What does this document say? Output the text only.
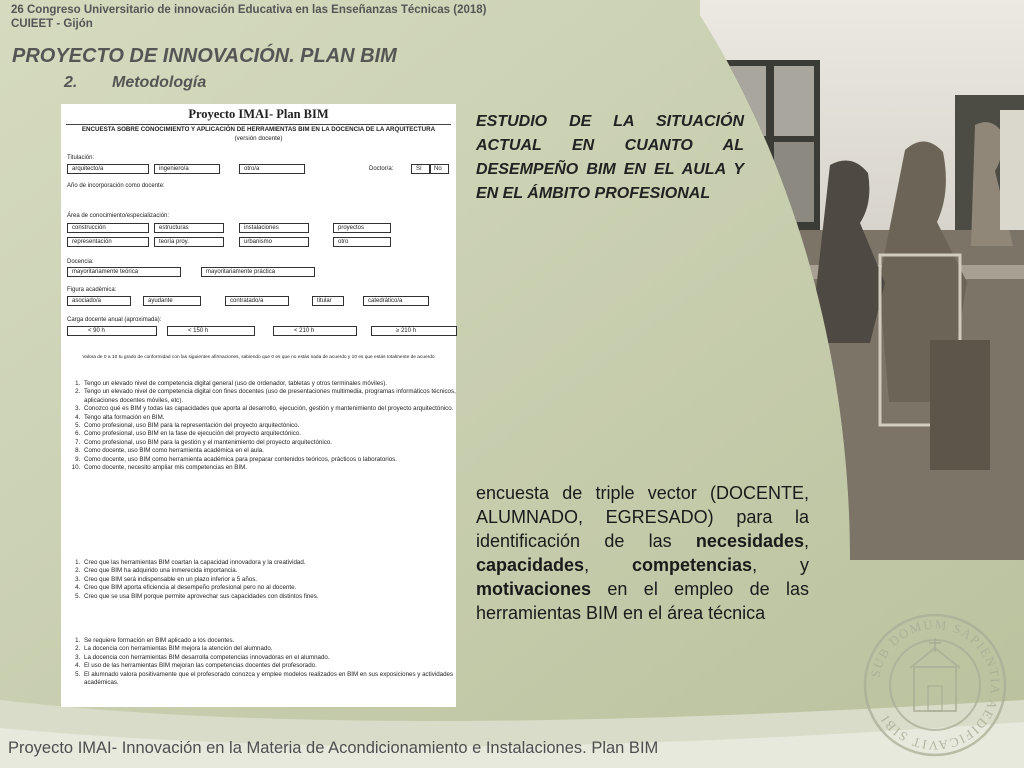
26 Congreso Universitario de innovación Educativa en las Enseñanzas Técnicas (2018)
CUIEET - Gijón
PROYECTO DE INNOVACIÓN. PLAN BIM
2. Metodología
Proyecto IMAI- Plan BIM
ENCUESTA SOBRE CONOCIMIENTO Y APLICACIÓN DE HERRAMIENTAS BIM EN LA DOCENCIA DE LA ARQUITECTURA
(versión docente)
Titulación:
arquitecto/a	ingeniero/a	otro/a	Doctor/a:	Sí	No
Año de incorporación como docente:
Área de conocimiento/especialización:
construcción	estructuras	instalaciones	proyectos
representación	teoría proy.	urbanismo	otro
Docencia:
mayoritariamente teórica	mayoritariamente práctica
Figura académica:
asociado/a	ayudante	contratado/a	titular	catedrático/a
Carga docente anual (aproximada):
< 90 h	< 150 h	< 210 h	≥ 210 h
Valora de 0 a 10 tu grado de conformidad con las siguientes afirmaciones, sabiendo que 0 es que no estás nada de acuerdo y 10 es que estás totalmente de acuerdo
1. Tengo un elevado nivel de competencia digital general (uso de ordenador, tabletas y otros terminales móviles).
2. Tengo un elevado nivel de competencia digital con fines docentes (uso de presentaciones multimedia, programas informáticos técnicos, aplicaciones docentes móviles, etc).
3. Conozco qué es BIM y todas las capacidades que aporta al desarrollo, ejecución, gestión y mantenimiento del proyecto arquitectónico.
4. Tengo alta formación en BIM.
5. Como profesional, uso BIM para la representación del proyecto arquitectónico.
6. Como profesional, uso BIM en la fase de ejecución del proyecto arquitectónico.
7. Como profesional, uso BIM para la gestión y el mantenimiento del proyecto arquitectónico.
8. Como docente, uso BIM como herramienta académica en el aula.
9. Como docente, uso BIM como herramienta académica para preparar contenidos teóricos, prácticos o laboratorios.
10. Como docente, necesito ampliar mis competencias en BIM.
1. Creo que las herramientas BIM coartan la capacidad innovadora y la creatividad.
2. Creo que BIM ha adquirido una inmerecida importancia.
3. Creo que BIM será indispensable en un plazo inferior a 5 años.
4. Creo que BIM aporta eficiencia al desempeño profesional pero no al docente.
5. Creo que se usa BIM porque permite aprovechar sus capacidades con distintos fines.
1. Se requiere formación en BIM aplicado a los docentes.
2. La docencia con herramientas BIM mejora la atención del alumnado.
3. La docencia con herramientas BIM desarrolla competencias innovadoras en el alumnado.
4. El uso de las herramientas BIM mejoran las competencias docentes del profesorado.
5. El alumnado valora positivamente que el profesorado conozca y emplee modelos realizados en BIM en sus exposiciones y actividades académicas.
ESTUDIO DE LA SITUACIÓN ACTUAL EN CUANTO AL DESEMPEÑO BIM EN EL AULA Y EN EL ÁMBITO PROFESIONAL
encuesta de triple vector (DOCENTE, ALUMNADO, EGRESADO) para la identificación de las necesidades, capacidades, competencias, y motivaciones en el empleo de las herramientas BIM en el área técnica
SUB DOMUM SAPIENTIA AEDIFICAVIT SIBI
Proyecto IMAI- Innovación en la Materia de Acondicionamiento e Instalaciones. Plan BIM
